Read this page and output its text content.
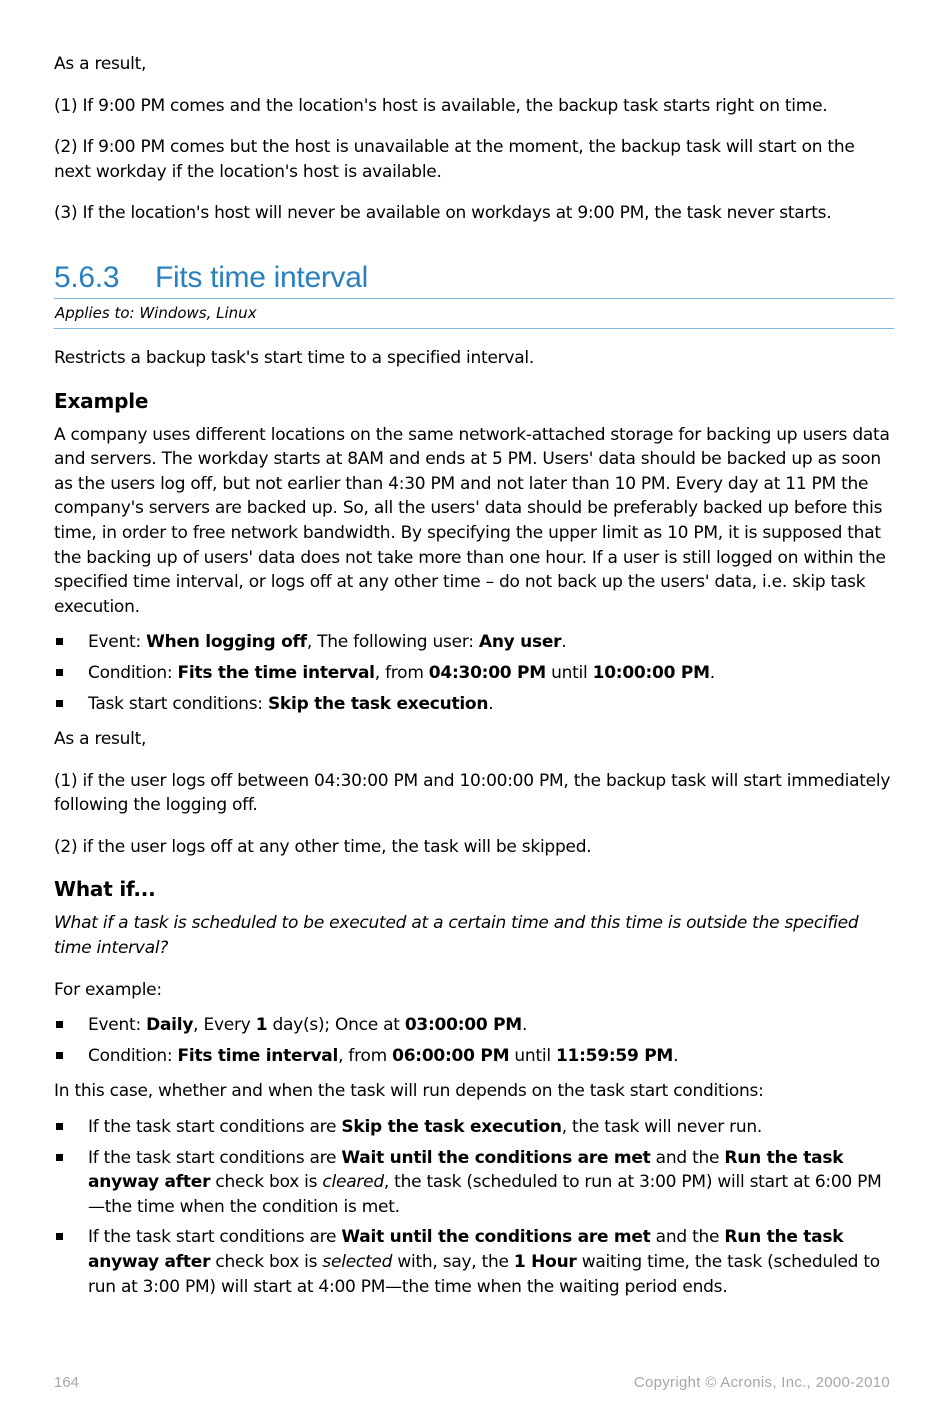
As a result,

(1) If 9:00 PM comes and the location's host is available, the backup task starts right on time.

(2) If 9:00 PM comes but the host is unavailable at the moment, the backup task will start on the next workday if the location's host is available.

(3) If the location's host will never be available on workdays at 9:00 PM, the task never starts.

5.6.3 Fits time interval
Applies to: Windows, Linux

Restricts a backup task's start time to a specified interval.

Example

A company uses different locations on the same network-attached storage for backing up users data and servers. The workday starts at 8AM and ends at 5 PM. Users' data should be backed up as soon as the users log off, but not earlier than 4:30 PM and not later than 10 PM. Every day at 11 PM the company's servers are backed up. So, all the users' data should be preferably backed up before this time, in order to free network bandwidth. By specifying the upper limit as 10 PM, it is supposed that the backing up of users' data does not take more than one hour. If a user is still logged on within the specified time interval, or logs off at any other time – do not back up the users' data, i.e. skip task execution.

Event: When logging off, The following user: Any user.
Condition: Fits the time interval, from 04:30:00 PM until 10:00:00 PM.
Task start conditions: Skip the task execution.

As a result,

(1) if the user logs off between 04:30:00 PM and 10:00:00 PM, the backup task will start immediately following the logging off.

(2) if the user logs off at any other time, the task will be skipped.

What if...

What if a task is scheduled to be executed at a certain time and this time is outside the specified time interval?

For example:

Event: Daily, Every 1 day(s); Once at 03:00:00 PM.
Condition: Fits time interval, from 06:00:00 PM until 11:59:59 PM.

In this case, whether and when the task will run depends on the task start conditions:

If the task start conditions are Skip the task execution, the task will never run.
If the task start conditions are Wait until the conditions are met and the Run the task anyway after check box is cleared, the task (scheduled to run at 3:00 PM) will start at 6:00 PM—the time when the condition is met.
If the task start conditions are Wait until the conditions are met and the Run the task anyway after check box is selected with, say, the 1 Hour waiting time, the task (scheduled to run at 3:00 PM) will start at 4:00 PM—the time when the waiting period ends.
164	Copyright © Acronis, Inc., 2000-2010
